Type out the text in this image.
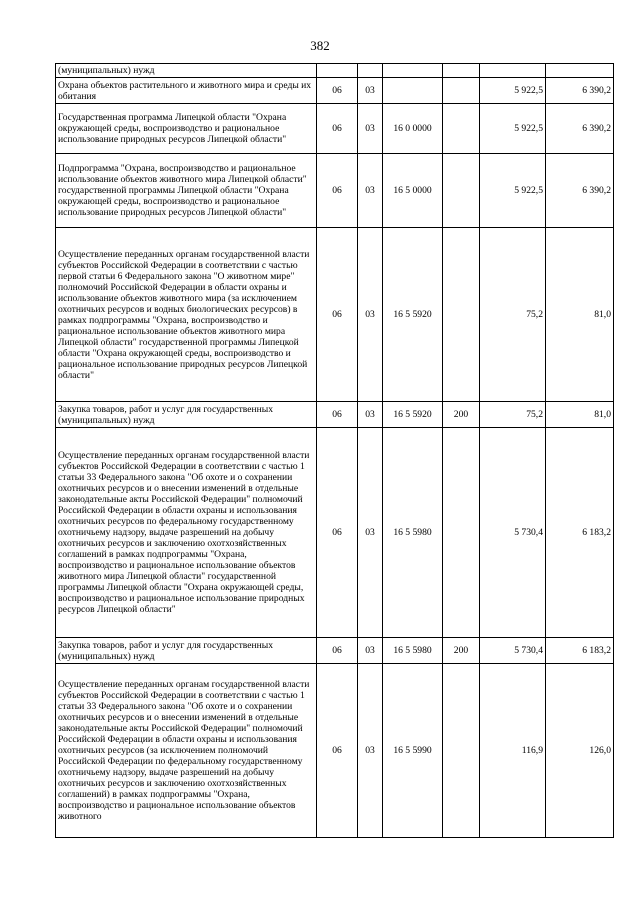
382
(муниципальных) нужд						
Охрана объектов растительного и животного мира и среды их обитания	06	03			5 922,5	6 390,2
Государственная программа Липецкой области "Охрана окружающей среды, воспроизводство и рациональное использование природных ресурсов Липецкой области"	06	03	16 0 0000		5 922,5	6 390,2
Подпрограмма "Охрана, воспроизводство и рациональное использование объектов животного мира Липецкой области" государственной программы Липецкой области "Охрана окружающей среды, воспроизводство и рациональное использование природных ресурсов Липецкой области"	06	03	16 5 0000		5 922,5	6 390,2
Осуществление переданных органам государственной власти субъектов Российской Федерации в соответствии с частью первой статьи 6 Федерального закона "О животном мире" полномочий Российской Федерации в области охраны и использование объектов животного мира (за исключением охотничьих ресурсов и водных биологических ресурсов) в рамках подпрограммы "Охрана, воспроизводство и рациональное использование объектов животного мира Липецкой области" государственной программы Липецкой области "Охрана окружающей среды, воспроизводство и рациональное использование природных ресурсов Липецкой области"	06	03	16 5 5920		75,2	81,0
Закупка товаров, работ и услуг для государственных (муниципальных) нужд	06	03	16 5 5920	200	75,2	81,0
Осуществление переданных органам государственной власти субъектов Российской Федерации в соответствии с частью 1 статьи 33 Федерального закона "Об охоте и о сохранении охотничьих ресурсов и о внесении изменений в отдельные законодательные акты Российской Федерации" полномочий Российской Федерации в области охраны и использования охотничьих ресурсов по федеральному государственному охотничьему надзору, выдаче разрешений на добычу охотничьих ресурсов и заключению охотхозяйственных соглашений в рамках подпрограммы "Охрана, воспроизводство и рациональное использование объектов животного мира Липецкой области" государственной программы Липецкой области "Охрана окружающей среды, воспроизводство и рациональное использование природных ресурсов Липецкой области"	06	03	16 5 5980		5 730,4	6 183,2
Закупка товаров, работ и услуг для государственных (муниципальных) нужд	06	03	16 5 5980	200	5 730,4	6 183,2
Осуществление переданных органам государственной власти субъектов Российской Федерации в соответствии с частью 1 статьи 33 Федерального закона "Об охоте и о сохранении охотничьих ресурсов и о внесении изменений в отдельные законодательные акты Российской Федерации" полномочий Российской Федерации в области охраны и использования охотничьих ресурсов (за исключением полномочий Российской Федерации по федеральному государственному охотничьему надзору, выдаче разрешений на добычу охотничьих ресурсов и заключению охотхозяйственных соглашений) в рамках подпрограммы "Охрана, воспроизводство и рациональное использование объектов животного	06	03	16 5 5990		116,9	126,0
